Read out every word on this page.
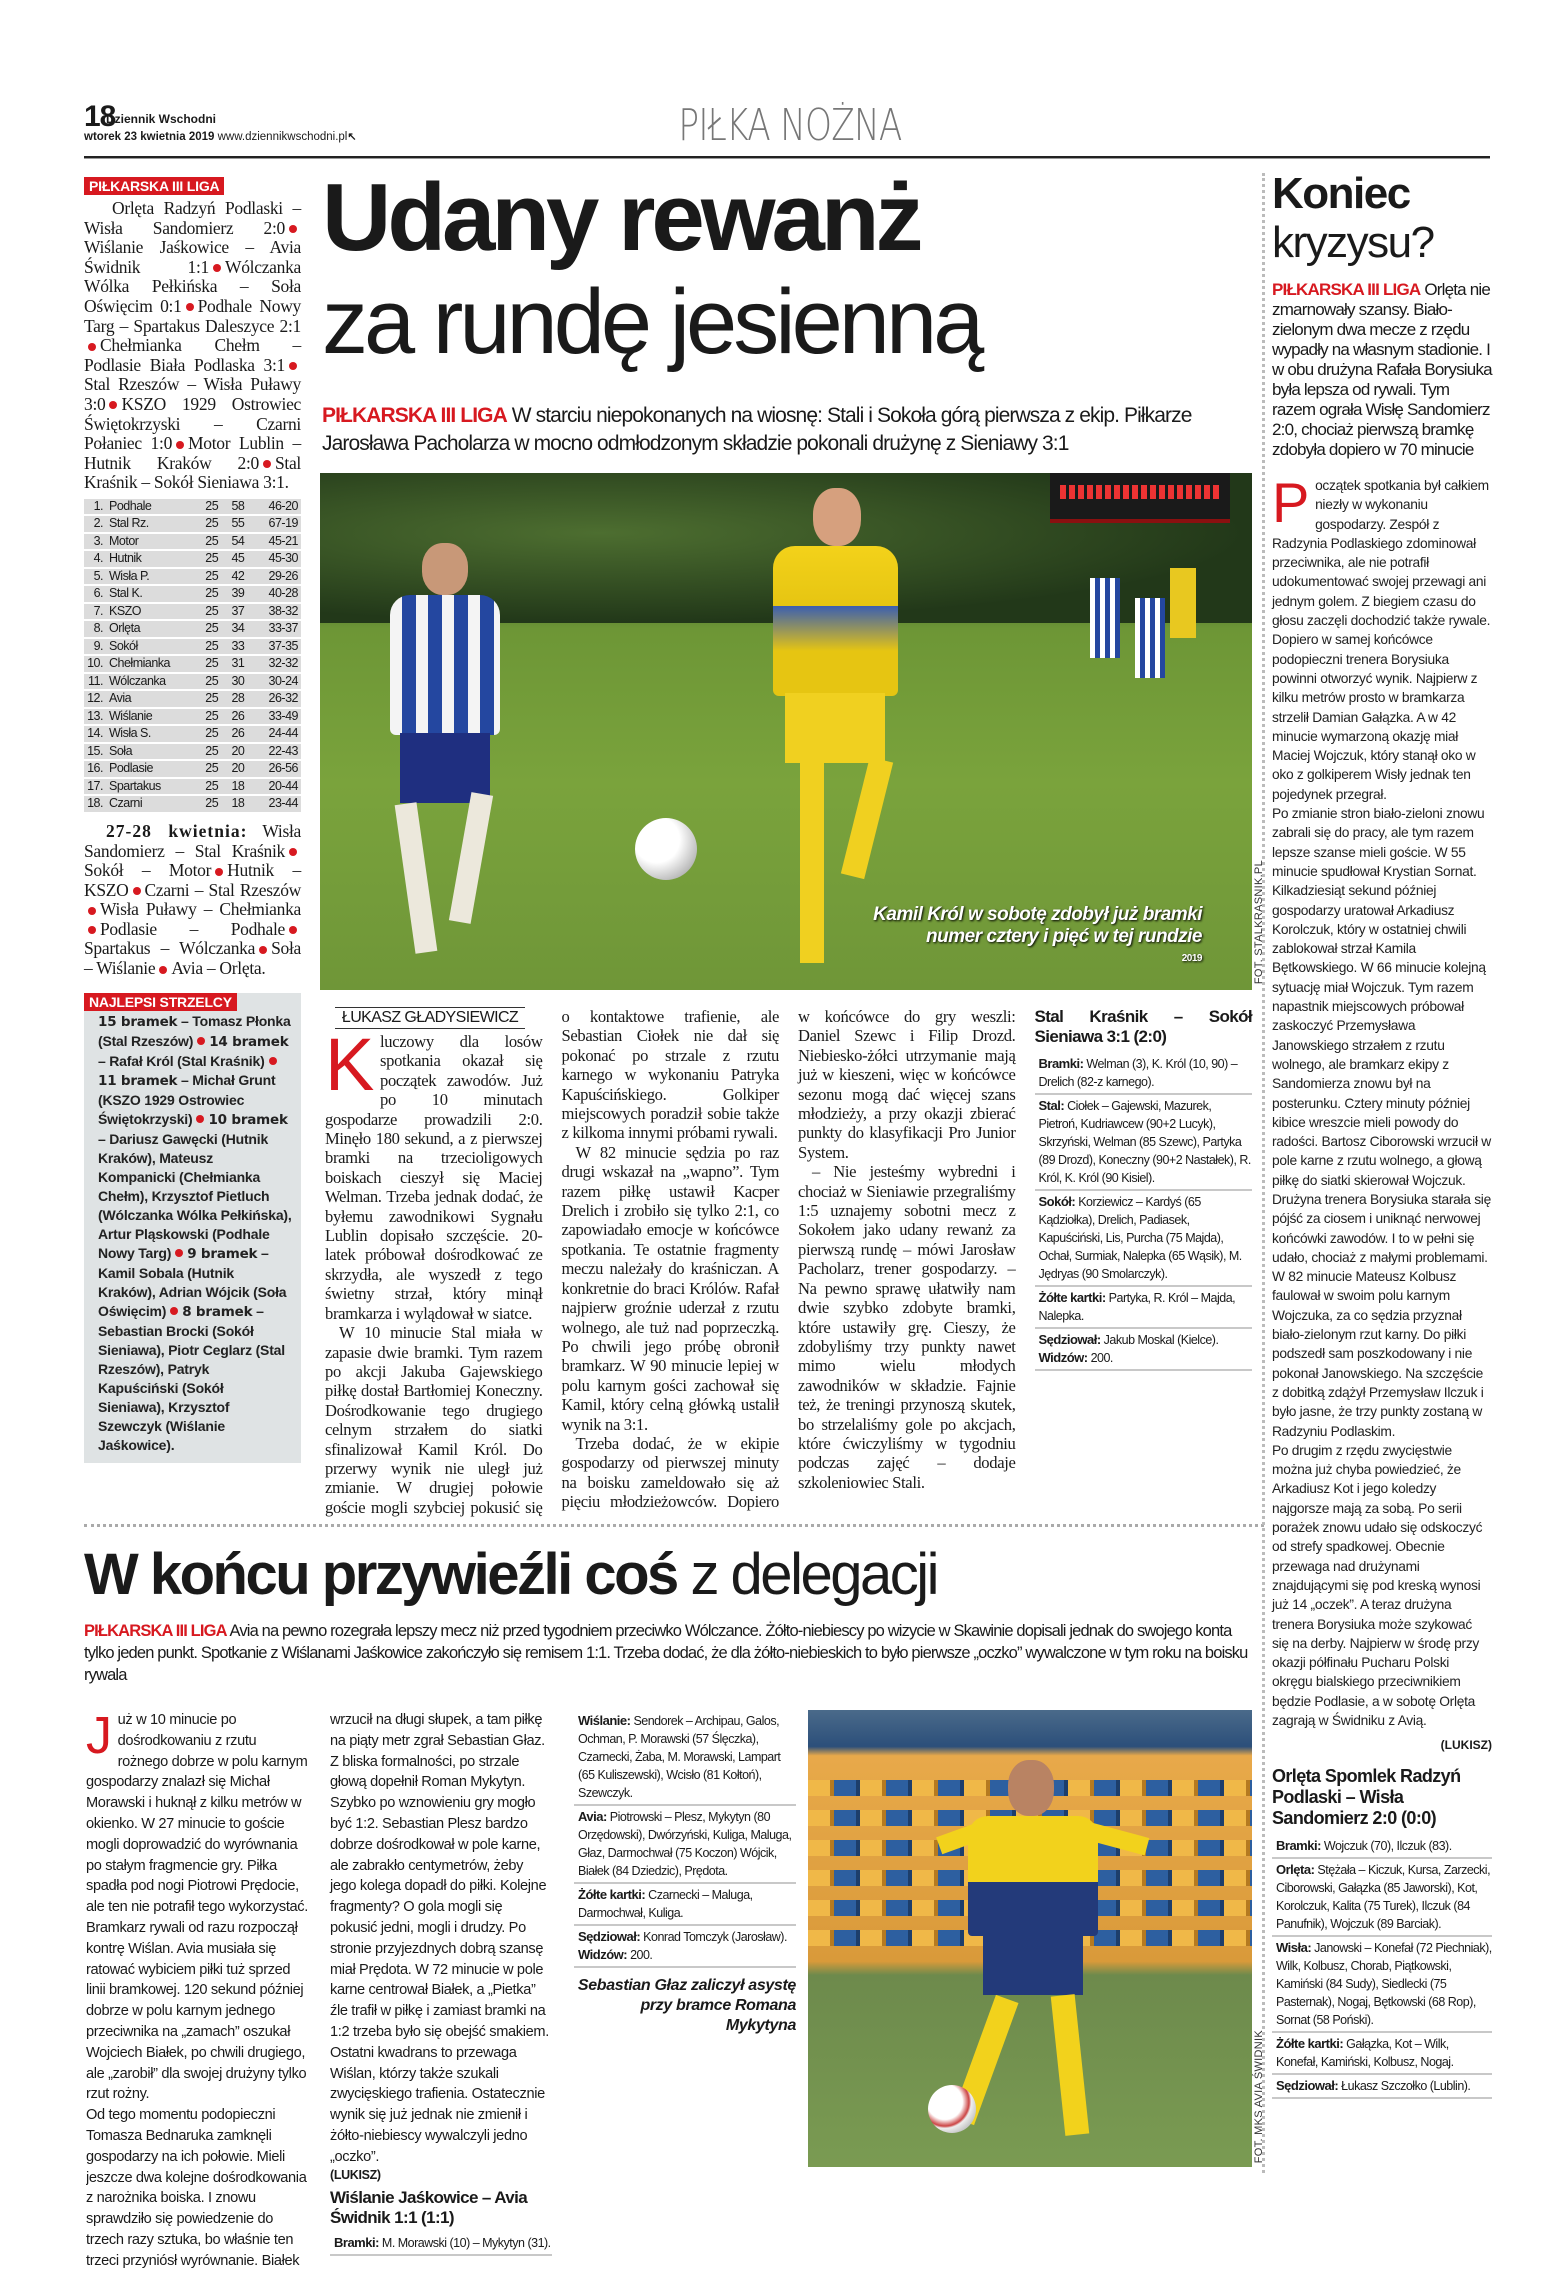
18
Dziennik Wschodni
wtorek 23 kwietnia 2019 www.dziennikwschodni.pl↖	PIŁKA NOŻNA
PIŁKARSKA III LIGA
Orlęta Radzyń Podlaski – Wisła Sandomierz 2:0Wiślanie Jaśkowice – Avia Świdnik 1:1 Wólczanka Wólka Pełkińska – Soła Oświęcim 0:1 Podhale Nowy Targ – Spartakus Daleszyce 2:1Chełmianka Chełm – Podlasie Biała Podlaska 3:1Stal Rzeszów – Wisła Puławy 3:0 KSZO 1929 Ostrowiec Świętokrzyski – Czarni Połaniec 1:0 Motor Lublin – Hutnik Kraków 2:0 Stal Kraśnik – Sokół Sieniawa 3:1.
1.	Podhale	25	58	46-20
2.	Stal Rz.	25	55	67-19
3.	Motor	25	54	45-21
4.	Hutnik	25	45	45-30
5.	Wisła P.	25	42	29-26
6.	Stal K.	25	39	40-28
7.	KSZO	25	37	38-32
8.	Orlęta	25	34	33-37
9.	Sokół	25	33	37-35
10.	Chełmianka	25	31	32-32
11.	Wólczanka	25	30	30-24
12.	Avia	25	28	26-32
13.	Wiślanie	25	26	33-49
14.	Wisła S.	25	26	24-44
15.	Soła	25	20	22-43
16.	Podlasie	25	20	26-56
17.	Spartakus	25	18	20-44
18.	Czarni	25	18	23-44
27-28 kwietnia: Wisła Sandomierz – Stal KraśnikSokół – Motor Hutnik – KSZO Czarni – Stal RzeszówWisła Puławy – ChełmiankaPodlasie – PodhaleSpartakus – Wólczanka Soła – Wiślanie Avia – Orlęta.
NAJLEPSI STRZELCY
15 bramek – Tomasz Płonka (Stal Rzeszów) 14 bramek – Rafał Król (Stal Kraśnik)11 bramek – Michał Grunt (KSZO 1929 Ostrowiec Świętokrzyski) 10 bramek – Dariusz Gawęcki (Hutnik Kraków), Mateusz Kompanicki (Chełmianka Chełm), Krzysztof Pietluch (Wólczanka Wólka Pełkińska), Artur Pląskowski (Podhale Nowy Targ) 9 bramek – Kamil Sobala (Hutnik Kraków), Adrian Wójcik (Soła Oświęcim) 8 bramek – Sebastian Brocki (Sokół Sieniawa), Piotr Ceglarz (Stal Rzeszów), Patryk Kapuściński (Sokół Sieniawa), Krzysztof Szewczyk (Wiślanie Jaśkowice).
Udany rewanż
za rundę jesienną
PIŁKARSKA III LIGA W starciu niepokonanych na wiosnę: Stali i Sokoła górą pierwsza z ekip. Piłkarze Jarosława Pacholarza w mocno odmłodzonym składzie pokonali drużynę z Sieniawy 3:1
Kamil Król w sobotę zdobył już bramki numer cztery i pięć w tej rundzie
2019	FOT. STALKRASNIK.PL
ŁUKASZ GŁADYSIEWICZ

Kluczowy dla losów spotkania okazał się początek zawodów. Już po 10 minutach gospodarze prowadzili 2:0. Minęło 180 sekund, a z pierwszej bramki na trzecioligowych boiskach cieszył się Maciej Welman. Trzeba jednak dodać, że byłemu zawodnikowi Sygnału Lublin dopisało szczęście. 20-latek próbował dośrodkować ze skrzydła, ale wyszedł z tego świetny strzał, który minął bramkarza i wylądował w siatce.

W 10 minucie Stal miała w zapasie dwie bramki. Tym razem po akcji Jakuba Gajewskiego piłkę dostał Bartłomiej Koneczny. Dośrodkowanie tego drugiego celnym strzałem do siatki sfinalizował Kamil Król. Do przerwy wynik nie uległ już zmianie. W drugiej połowie goście mogli szybciej pokusić się o kontaktowe trafienie, ale Sebastian Ciołek nie dał się pokonać po strzale z rzutu karnego w wykonaniu Patryka Kapuścińskiego. Golkiper miejscowych poradził sobie także z kilkoma innymi próbami rywali.

W 82 minucie sędzia po raz drugi wskazał na „wapno”. Tym razem piłkę ustawił Kacper Drelich i zrobiło się tylko 2:1, co zapowiadało emocje w końcówce spotkania. Te ostatnie fragmenty meczu należały do kraśniczan. A konkretnie do braci Królów. Rafał najpierw groźnie uderzał z rzutu wolnego, ale tuż nad poprzeczką. Po chwili jego próbę obronił bramkarz. W 90 minucie lepiej w polu karnym gości zachował się Kamil, który celną główką ustalił wynik na 3:1.

Trzeba dodać, że w ekipie gospodarzy od pierwszej minuty na boisku zameldowało się aż pięciu młodzieżowców. Dopiero w końcówce do gry weszli: Daniel Szewc i Filip Drozd. Niebiesko-żółci utrzymanie mają już w kieszeni, więc w końcówce sezonu mogą dać więcej szans młodzieży, a przy okazji zbierać punkty do klasyfikacji Pro Junior System.

– Nie jesteśmy wybredni i chociaż w Sieniawie przegraliśmy 1:5 uznajemy sobotni mecz z Sokołem jako udany rewanż za pierwszą rundę – mówi Jarosław Pacholarz, trener gospodarzy. – Na pewno sprawę ułatwiły nam dwie szybko zdobyte bramki, które ustawiły grę. Cieszy, że zdobyliśmy trzy punkty nawet mimo wielu młodych zawodników w składzie. Fajnie też, że treningi przynoszą skutek, bo strzelaliśmy gole po akcjach, które ćwiczyliśmy w tygodniu podczas zajęć – dodaje szkoleniowiec Stali.

Stal Kraśnik – Sokół Sieniawa 3:1 (2:0)
Bramki: Welman (3), K. Król (10, 90) – Drelich (82-z karnego).
Stal: Ciołek – Gajewski, Mazurek, Pietroń, Kudriawcew (90+2 Lucyk), Skrzyński, Welman (85 Szewc), Partyka (89 Drozd), Koneczny (90+2 Nastałek), R. Król, K. Król (90 Kisiel).
Sokół: Korziewicz – Kardyś (65 Kądziołka), Drelich, Padiasek, Kapuściński, Lis, Purcha (75 Majda), Ochał, Surmiak, Nalepka (65 Wąsik), M. Jędryas (90 Smolarczyk).
Żółte kartki: Partyka, R. Król – Majda, Nalepka.
Sędziował: Jakub Moskal (Kielce). Widzów: 200.
Koniec
kryzysu?
PIŁKARSKA III LIGA Orlęta nie zmarnowały szansy. Biało-zielonym dwa mecze z rzędu wypadły na własnym stadionie. I w obu drużyna Rafała Borysiuka była lepsza od rywali. Tym razem ograła Wisłę Sandomierz 2:0, chociaż pierwszą bramkę zdobyła dopiero w 70 minucie

Początek spotkania był całkiem niezły w wykonaniu gospodarzy. Zespół z Radzynia Podlaskiego zdominował przeciwnika, ale nie potrafił udokumentować swojej przewagi ani jednym golem. Z biegiem czasu do głosu zaczęli dochodzić także rywale. Dopiero w samej końcówce podopieczni trenera Borysiuka powinni otworzyć wynik. Najpierw z kilku metrów prosto w bramkarza strzelił Damian Gałązka. A w 42 minucie wymarzoną okazję miał Maciej Wojczuk, który stanął oko w oko z golkiperem Wisły jednak ten pojedynek przegrał.

Po zmianie stron biało-zieloni znowu zabrali się do pracy, ale tym razem lepsze szanse mieli goście. W 55 minucie spudłował Krystian Sornat. Kilkadziesiąt sekund później gospodarzy uratował Arkadiusz Korolczuk, który w ostatniej chwili zablokował strzał Kamila Bętkowskiego. W 66 minucie kolejną sytuację miał Wojczuk. Tym razem napastnik miejscowych próbował zaskoczyć Przemysława Janowskiego strzałem z rzutu wolnego, ale bramkarz ekipy z Sandomierza znowu był na posterunku. Cztery minuty później kibice wreszcie mieli powody do radości. Bartosz Ciborowski wrzucił w pole karne z rzutu wolnego, a głową piłkę do siatki skierował Wojczuk. Drużyna trenera Borysiuka starała się pójść za ciosem i uniknąć nerwowej końcówki zawodów. I to w pełni się udało, chociaż z małymi problemami. W 82 minucie Mateusz Kolbusz faulował w swoim polu karnym Wojczuka, za co sędzia przyznał biało-zielonym rzut karny. Do piłki podszedł sam poszkodowany i nie pokonał Janowskiego. Na szczęście z dobitką zdążył Przemysław Ilczuk i było jasne, że trzy punkty zostaną w Radzyniu Podlaskim.

Po drugim z rzędu zwycięstwie można już chyba powiedzieć, że Arkadiusz Kot i jego koledzy najgorsze mają za sobą. Po serii porażek znowu udało się odskoczyć od strefy spadkowej. Obecnie przewaga nad drużynami znajdującymi się pod kreską wynosi już 14 „oczek”. A teraz drużyna trenera Borysiuka może szykować się na derby. Najpierw w środę przy okazji półfinału Pucharu Polski okręgu bialskiego przeciwnikiem będzie Podlasie, a w sobotę Orlęta zagrają w Świdniku z Avią.

(LUKISZ)
Orlęta Spomlek Radzyń Podlaski – Wisła Sandomierz 2:0 (0:0)
Bramki: Wojczuk (70), Ilczuk (83).
Orlęta: Stężała – Kiczuk, Kursa, Zarzecki, Ciborowski, Gałązka (85 Jaworski), Kot, Korolczuk, Kalita (75 Turek), Ilczuk (84 Panufnik), Wojczuk (89 Barciak).
Wisła: Janowski – Konefał (72 Piechniak), Wilk, Kolbusz, Chorab, Piątkowski, Kamiński (84 Sudy), Siedlecki (75 Pasternak), Nogaj, Bętkowski (68 Rop), Sornat (58 Poński).
Żółte kartki: Gałązka, Kot – Wilk, Konefał, Kamiński, Kolbusz, Nogaj.
Sędziował: Łukasz Szczołko (Lublin).
W końcu przywieźli coś z delegacji
PIŁKARSKA III LIGA Avia na pewno rozegrała lepszy mecz niż przed tygodniem przeciwko Wólczance. Żółto-niebiescy po wizycie w Skawinie dopisali jednak do swojego konta tylko jeden punkt. Spotkanie z Wiślanami Jaśkowice zakończyło się remisem 1:1. Trzeba dodać, że dla żółto-niebieskich to było pierwsze „oczko” wywalczone w tym roku na boisku rywala

Już w 10 minucie po dośrodkowaniu z rzutu rożnego dobrze w polu karnym gospodarzy znalazł się Michał Morawski i huknął z kilku metrów w okienko. W 27 minucie to goście mogli doprowadzić do wyrównania po stałym fragmencie gry. Piłka spadła pod nogi Piotrowi Prędocie, ale ten nie potrafił tego wykorzystać. Bramkarz rywali od razu rozpoczął kontrę Wiślan. Avia musiała się ratować wybiciem piłki tuż sprzed linii bramkowej. 120 sekund później dobrze w polu karnym jednego przeciwnika na „zamach” oszukał Wojciech Białek, po chwili drugiego, ale „zarobił” dla swojej drużyny tylko rzut rożny.

Od tego momentu podopieczni Tomasza Bednaruka zamknęli gospodarzy na ich połowie. Mieli jeszcze dwa kolejne dośrodkowania z narożnika boiska. I znowu sprawdziło się powiedzenie do trzech razy sztuka, bo właśnie ten trzeci przyniósł wyrównanie. Białek wrzucił na długi słupek, a tam piłkę na piąty metr zgrał Sebastian Głaz. Z bliska formalności, po strzale głową dopełnił Roman Mykytyn.

Szybko po wznowieniu gry mogło być 1:2. Sebastian Plesz bardzo dobrze dośrodkował w pole karne, ale zabrakło centymetrów, żeby jego kolega dopadł do piłki. Kolejne fragmenty? O gola mogli się pokusić jedni, mogli i drudzy. Po stronie przyjezdnych dobrą szansę miał Prędota. W 72 minucie w pole karne centrował Białek, a „Pietka” źle trafił w piłkę i zamiast bramki na 1:2 trzeba było się obejść smakiem. Ostatni kwadrans to przewaga Wiślan, którzy także szukali zwycięskiego trafienia. Ostatecznie wynik się już jednak nie zmienił i żółto-niebiescy wywalczyli jedno „oczko”.

(LUKISZ)
Wiślanie Jaśkowice – Avia Świdnik 1:1 (1:1)
Bramki: M. Morawski (10) – Mykytyn (31).
Wiślanie: Sendorek – Archipau, Galos, Ochman, P. Morawski (57 Ślęczka), Czarnecki, Żaba, M. Morawski, Lampart (65 Kuliszewski), Wcisło (81 Kołtoń), Szewczyk.
Avia: Piotrowski – Plesz, Mykytyn (80 Orzędowski), Dwórzyński, Kuliga, Maluga, Głaz, Darmochwał (75 Koczon) Wójcik, Białek (84 Dziedzic), Prędota.
Żółte kartki: Czarnecki – Maluga, Darmochwał, Kuliga.
Sędziował: Konrad Tomczyk (Jarosław). Widzów: 200.
Sebastian Głaz zaliczył asystę przy bramce Romana Mykytyna
FOT. MKS AVIA ŚWIDNIK
